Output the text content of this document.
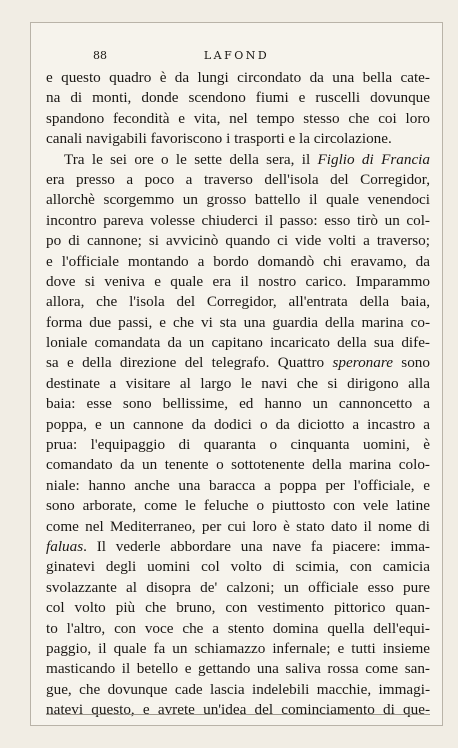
88	LAFOND
e questo quadro è da lungi circondato da una bella cate-
na di monti, donde scendono fiumi e ruscelli dovunque
spandono fecondità e vita, nel tempo stesso che coi loro
canali navigabili favoriscono i trasporti e la circolazione.
Tra le sei ore o le sette della sera, il Figlio di Francia
era presso a poco a traverso dell'isola del Corregidor,
allorchè scorgemmo un grosso battello il quale venendoci
incontro pareva volesse chiuderci il passo: esso tirò un col-
po di cannone; si avvicinò quando ci vide volti a traverso;
e l'officiale montando a bordo domandò chi eravamo, da
dove si veniva e quale era il nostro carico. Imparammo
allora, che l'isola del Corregidor, all'entrata della baia,
forma due passi, e che vi sta una guardia della marina co-
loniale comandata da un capitano incaricato della sua dife-
sa e della direzione del telegrafo. Quattro speronare sono
destinate a visitare al largo le navi che si dirigono alla
baia: esse sono bellissime, ed hanno un cannoncetto a
poppa, e un cannone da dodici o da diciotto a incastro a
prua: l'equipaggio di quaranta o cinquanta uomini, è
comandato da un tenente o sottotenente della marina colo-
niale: hanno anche una baracca a poppa per l'officiale, e
sono arborate, come le feluche o piuttosto con vele latine
come nel Mediterraneo, per cui loro è stato dato il nome di
faluas. Il vederle abbordare una nave fa piacere: imma-
ginatevi degli uomini col volto di scimia, con camicia
svolazzante al disopra de' calzoni; un officiale esso pure
col volto più che bruno, con vestimento pittorico quan-
to l'altro, con voce che a stento domina quella dell'equi-
paggio, il quale fa un schiamazzo infernale; e tutti insieme
masticando il betello e gettando una saliva rossa come san-
gue, che dovunque cade lascia indelebili macchie, immagi-
natevi questo, e avrete un'idea del cominciamento di que-
